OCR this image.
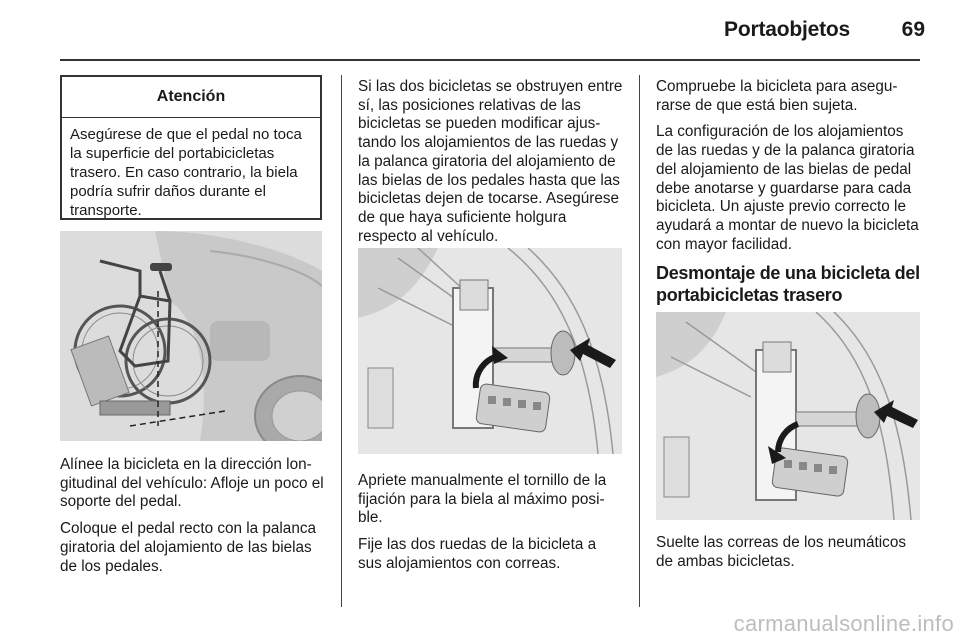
Portaobjetos	69
Atención
Asegúrese de que el pedal no toca la superficie del portabicicletas trasero. En caso contrario, la biela podría sufrir daños durante el transporte.

Alínee la bicicleta en la dirección longitudinal del vehículo: Afloje un poco el soporte del pedal.

Coloque el pedal recto con la palanca giratoria del alojamiento de las bielas de los pedales.

Si las dos bicicletas se obstruyen entre sí, las posiciones relativas de las bicicletas se pueden modificar ajustando los alojamientos de las ruedas y la palanca giratoria del alojamiento de las bielas de los pedales hasta que las bicicletas dejen de tocarse. Asegúrese de que haya suficiente holgura respecto al vehículo.

Apriete manualmente el tornillo de la fijación para la biela al máximo posible.

Fije las dos ruedas de la bicicleta a sus alojamientos con correas.

Compruebe la bicicleta para asegurarse de que está bien sujeta.

La configuración de los alojamientos de las ruedas y de la palanca giratoria del alojamiento de las bielas de pedal debe anotarse y guardarse para cada bicicleta. Un ajuste previo correcto le ayudará a montar de nuevo la bicicleta con mayor facilidad.

Desmontaje de una bicicleta del portabicicletas trasero

Suelte las correas de los neumáticos de ambas bicicletas.

carmanualsonline.info
